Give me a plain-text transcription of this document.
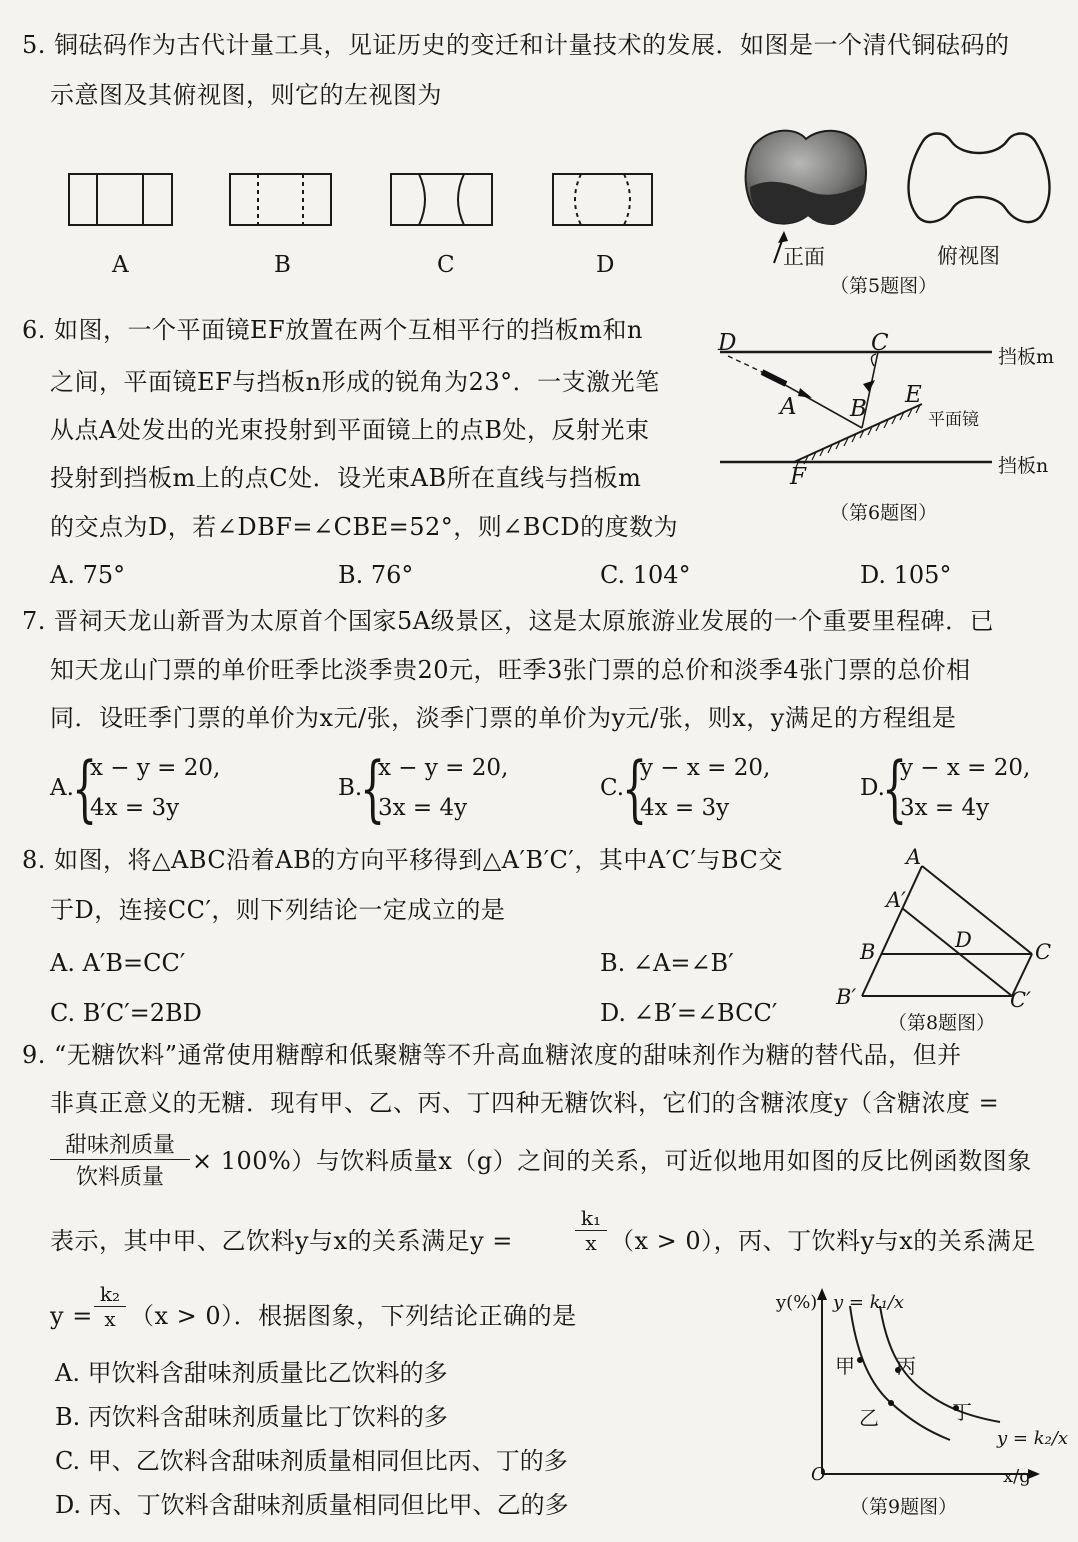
5. 铜砝码作为古代计量工具，见证历史的变迁和计量技术的发展．如图是一个清代铜砝码的
示意图及其俯视图，则它的左视图为
A	B	C	D	正面	俯视图
（第5题图）
6. 如图，一个平面镜EF放置在两个互相平行的挡板m和n
之间，平面镜EF与挡板n形成的锐角为23°．一支激光笔
从点A处发出的光束投射到平面镜上的点B处，反射光束
投射到挡板m上的点C处．设光束AB所在直线与挡板m
的交点为D，若∠DBF=∠CBE=52°，则∠BCD的度数为
A. 75°	B. 76°	C. 104°	D. 105°
D	C
A B
E
F
挡板m
挡板n
平面镜
（第6题图）
7. 晋祠天龙山新晋为太原首个国家5A级景区，这是太原旅游业发展的一个重要里程碑．已
知天龙山门票的单价旺季比淡季贵20元，旺季3张门票的总价和淡季4张门票的总价相
同．设旺季门票的单价为x元/张，淡季门票的单价为y元/张，则x，y满足的方程组是
A.
{
x − y = 20,
4x = 3y
B.
{
x − y = 20,
3x = 4y
C.
{
y − x = 20,
4x = 3y
D.
{
y − x = 20,
3x = 4y
8. 如图，将△ABC沿着AB的方向平移得到△A′B′C′，其中A′C′与BC交
于D，连接CC′，则下列结论一定成立的是
A. A′B=CC′	B. ∠A=∠B′
C. B′C′=2BD	D. ∠B′=∠BCC′
A
A′
B	D	C
B′	C′
（第8题图）
9. “无糖饮料”通常使用糖醇和低聚糖等不升高血糖浓度的甜味剂作为糖的替代品，但并
非真正意义的无糖．现有甲、乙、丙、丁四种无糖饮料，它们的含糖浓度y（含糖浓度 =
甜味剂质量
饮料质量
× 100%）与饮料质量x（g）之间的关系，可近似地用如图的反比例函数图象
表示，其中甲、乙饮料y与x的关系满足y =	$\frac{\text{k₁}}{x} (x > 0)$，丙、丁饮料y与x的关系满足
$y = \frac{\text{k₂}}{x} (x > 0)$．根据图象，下列结论正确的是
A. 甲饮料含甜味剂质量比乙饮料的多
B. 丙饮料含甜味剂质量比丁饮料的多
C. 甲、乙饮料含甜味剂质量相同但比丙、丁的多
D. 丙、丁饮料含甜味剂质量相同但比甲、乙的多
y(%) y = k₁/x
y = k₂/x
x/g
O
甲
乙
丙
丁
（第9题图）
